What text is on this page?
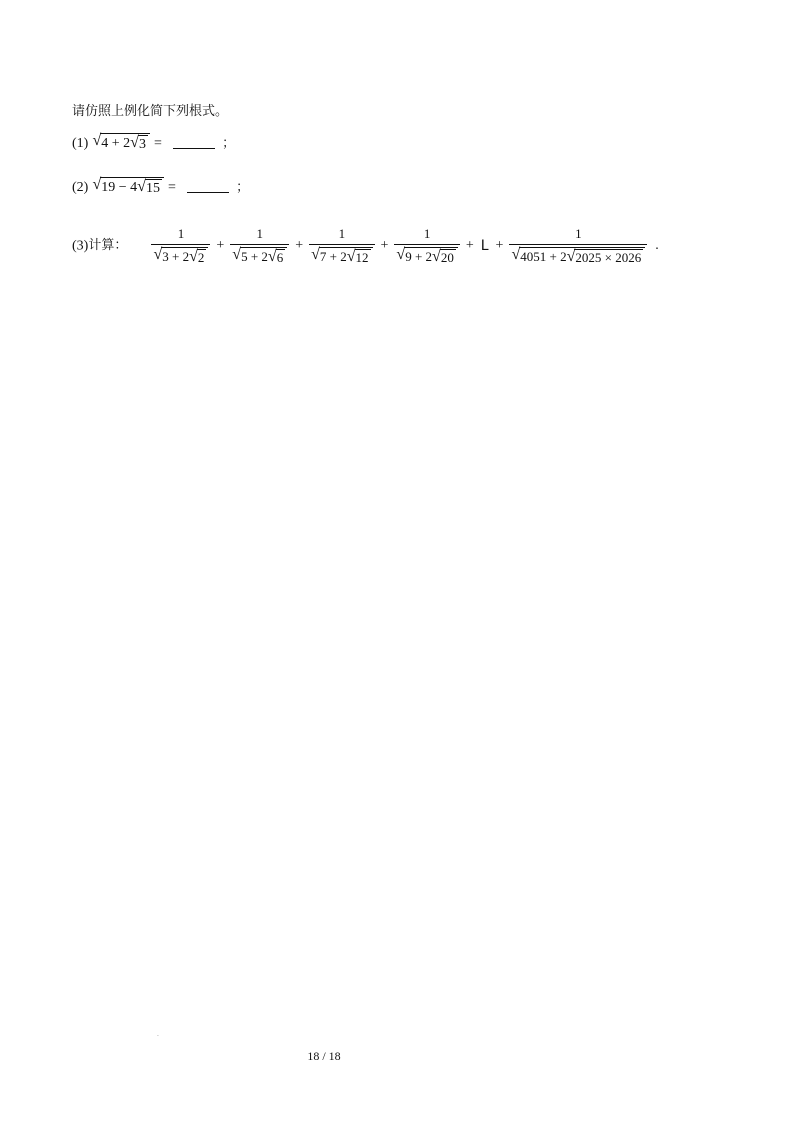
请仿照上例化简下列根式。
(1) √ 4 + 2 √ 3 =	；
(2) √ 19 − 4 √ 15 =	；
(3)计算： $\frac{1}{√ 3 + 2 √ 2} + \frac{1}{√ 5 + 2 √ 6} + \frac{1}{√ 7 + 2 √ 12} + \frac{1}{√ 9 + 2 √ 20} + L + \frac{1}{√ 4051 + 2 √ 2025 \times 2026}$ .
·
18 / 18
